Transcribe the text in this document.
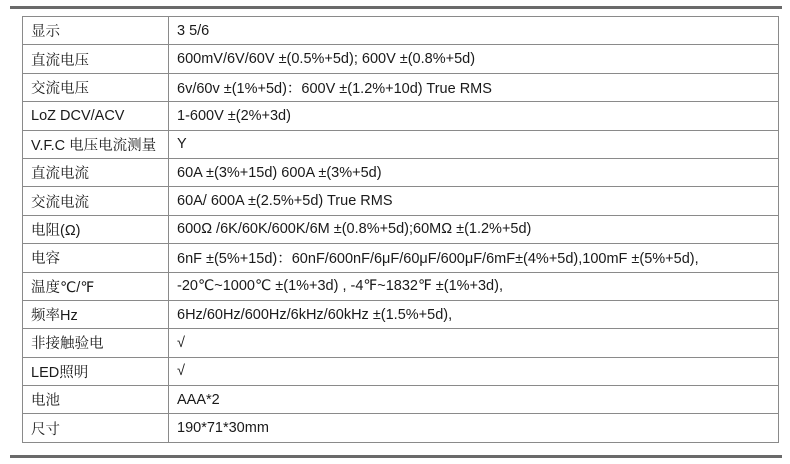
显示	3 5/6
直流电压	600mV/6V/60V ±(0.5%+5d); 600V ±(0.8%+5d)
交流电压	6v/60v ±(1%+5d)：600V ±(1.2%+10d) True RMS
LoZ DCV/ACV	1-600V ±(2%+3d)
V.F.C 电压电流测量	Y
直流电流	60A ±(3%+15d) 600A ±(3%+5d)
交流电流	60A/ 600A ±(2.5%+5d) True RMS
电阻(Ω)	600Ω /6K/60K/600K/6M ±(0.8%+5d);60MΩ ±(1.2%+5d)
电容	6nF ±(5%+15d)：60nF/600nF/6μF/60μF/600μF/6mF±(4%+5d),100mF ±(5%+5d),
温度℃/℉	-20℃~1000℃ ±(1%+3d) , -4℉~1832℉ ±(1%+3d),
频率Hz	6Hz/60Hz/600Hz/6kHz/60kHz ±(1.5%+5d),
非接触验电	√
LED照明	√
电池	AAA*2
尺寸	190*71*30mm
